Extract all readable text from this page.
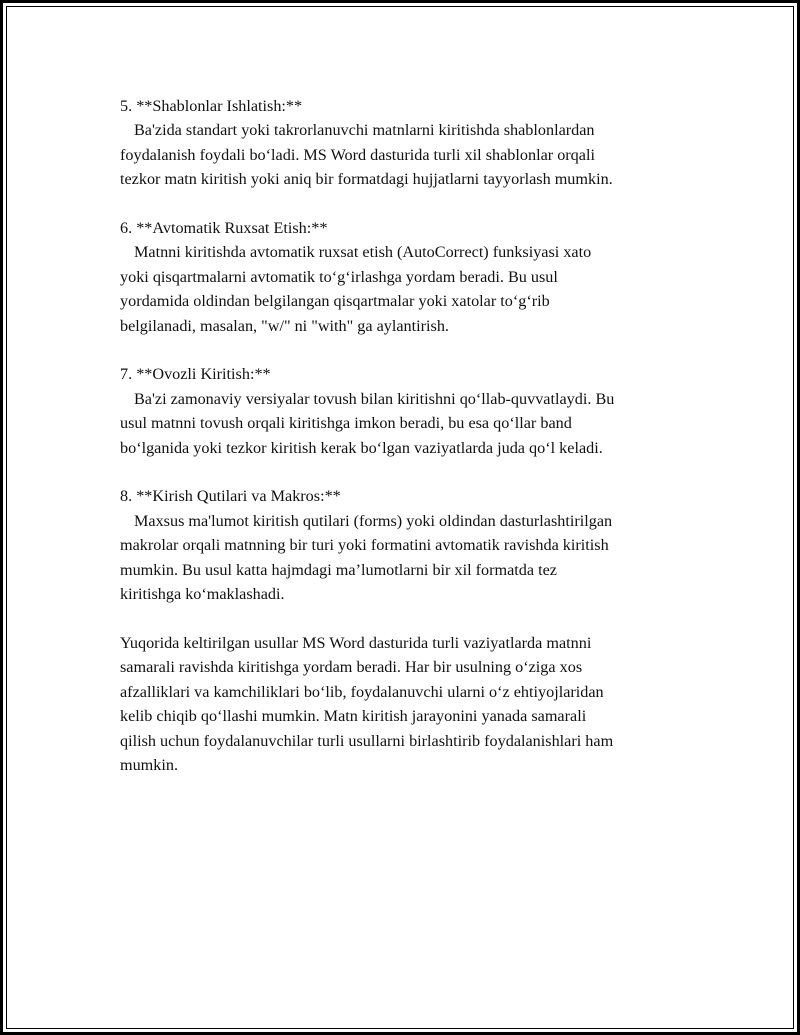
5. **Shablonlar Ishlatish:**
Ba'zida standart yoki takrorlanuvchi matnlarni kiritishda shablonlardan
foydalanish foydali bo‘ladi. MS Word dasturida turli xil shablonlar orqali
tezkor matn kiritish yoki aniq bir formatdagi hujjatlarni tayyorlash mumkin.
6. **Avtomatik Ruxsat Etish:**
Matnni kiritishda avtomatik ruxsat etish (AutoCorrect) funksiyasi xato
yoki qisqartmalarni avtomatik to‘g‘irlashga yordam beradi. Bu usul
yordamida oldindan belgilangan qisqartmalar yoki xatolar to‘g‘rib
belgilanadi, masalan, "w/" ni "with" ga aylantirish.
7. **Ovozli Kiritish:**
Ba'zi zamonaviy versiyalar tovush bilan kiritishni qo‘llab-quvvatlaydi. Bu
usul matnni tovush orqali kiritishga imkon beradi, bu esa qo‘llar band
bo‘lganida yoki tezkor kiritish kerak bo‘lgan vaziyatlarda juda qo‘l keladi.
8. **Kirish Qutilari va Makros:**
Maxsus ma'lumot kiritish qutilari (forms) yoki oldindan dasturlashtirilgan
makrolar orqali matnning bir turi yoki formatini avtomatik ravishda kiritish
mumkin. Bu usul katta hajmdagi ma’lumotlarni bir xil formatda tez
kiritishga ko‘maklashadi.
Yuqorida keltirilgan usullar MS Word dasturida turli vaziyatlarda matnni
samarali ravishda kiritishga yordam beradi. Har bir usulning o‘ziga xos
afzalliklari va kamchiliklari bo‘lib, foydalanuvchi ularni o‘z ehtiyojlaridan
kelib chiqib qo‘llashi mumkin. Matn kiritish jarayonini yanada samarali
qilish uchun foydalanuvchilar turli usullarni birlashtirib foydalanishlari ham
mumkin.
